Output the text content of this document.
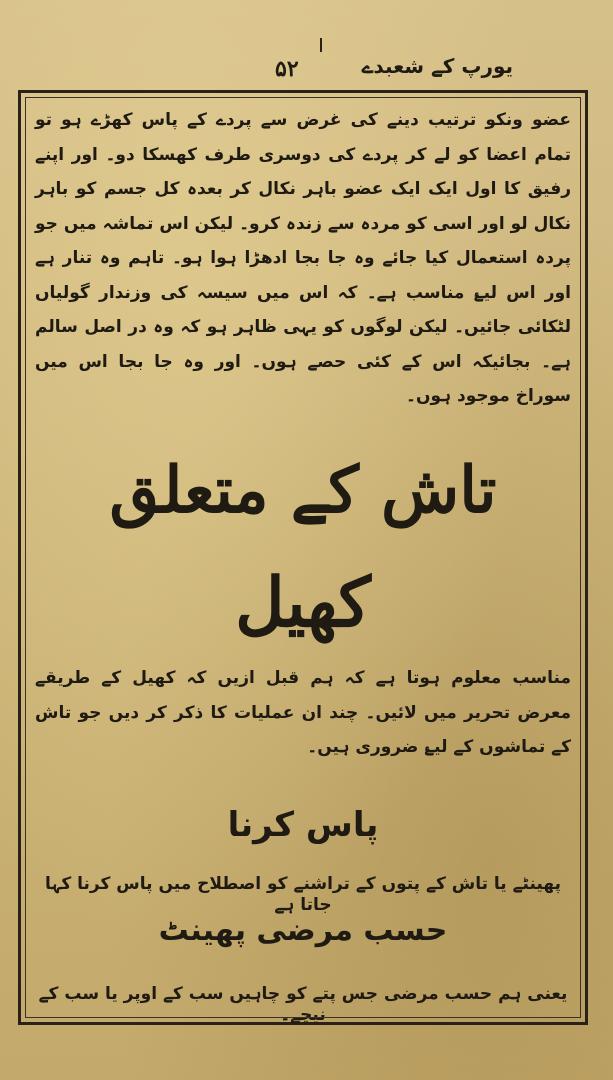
۵۲	یورپ کے شعبدے
عضو ونکو ترتیب دینے کی غرض سے پردے کے پاس کھڑے ہو تو تمام اعضا کو لے کر پردے کی دوسری طرف کھسکا دو۔ اور اپنے رفیق کا اول ایک ایک عضو باہر نکال کر بعدہ کل جسم کو باہر نکال لو اور اسی کو مردہ سے زندہ کرو۔ لیکن اس تماشہ میں جو پردہ استعمال کیا جائے وہ جا بجا ادھڑا ہوا ہو۔ تاہم وہ تنار ہے اور اس لیۓ مناسب ہے۔ کہ اس میں سیسہ کی وزندار گولیاں لٹکائی جائیں۔ لیکن لوگوں کو یہی ظاہر ہو کہ وہ در اصل سالم ہے۔ بجائیکہ اس کے کئی حصے ہوں۔ اور وہ جا بجا اس میں سوراخ موجود ہوں۔
تاش کے متعلق
کھیل
مناسب معلوم ہوتا ہے کہ ہم قبل ازیں کہ کھیل کے طریقے معرض تحریر میں لائیں۔ چند ان عملیات کا ذکر کر دیں جو تاش کے تماشوں کے لیۓ ضروری ہیں۔
پاس کرنا
پھینٹے یا تاش کے پتوں کے تراشنے کو اصطلاح میں پاس کرنا کہا جاتا ہے
حسب مرضی پھینٹ
یعنی ہم حسب مرضی جس پتے کو چاہیں سب کے اوپر یا سب کے نیچے۔
